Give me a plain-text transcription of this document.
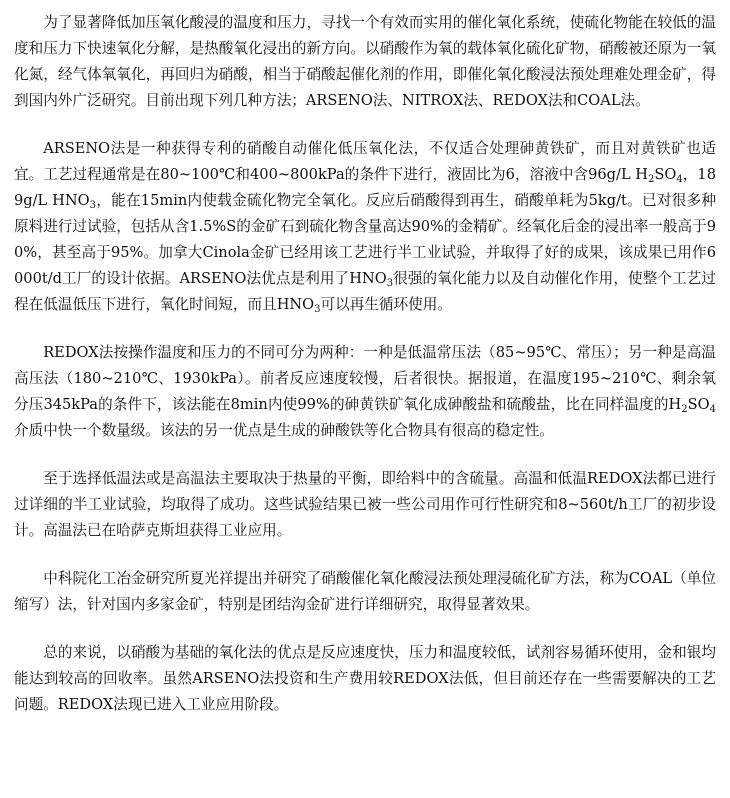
为了显著降低加压氧化酸浸的温度和压力，寻找一个有效而实用的催化氧化系统，使硫化物能在较低的温度和压力下快速氧化分解，是热酸氧化浸出的新方向。以硝酸作为氧的载体氧化硫化矿物，硝酸被还原为一氧化氮，经气体氧氧化，再回归为硝酸，相当于硝酸起催化剂的作用，即催化氧化酸浸法预处理难处理金矿，得到国内外广泛研究。目前出现下列几种方法；ARSENO法、NITROX法、REDOX法和COAL法。

ARSENO法是一种获得专利的硝酸自动催化低压氧化法，不仅适合处理砷黄铁矿，而且对黄铁矿也适宜。工艺过程通常是在80~100℃和400~800kPa的条件下进行，液固比为6，溶液中含96g/L $H_2SO_4$，189g/L $HNO_3$，能在15min内使载金硫化物完全氧化。反应后硝酸得到再生，硝酸单耗为5kg/t。已对很多种原料进行过试验，包括从含1.5%S的金矿石到硫化物含量高达90%的金精矿。经氧化后金的浸出率一般高于90%，甚至高于95%。加拿大Cinola金矿已经用该工艺进行半工业试验，并取得了好的成果，该成果已用作6000t/d工厂的设计依据。ARSENO法优点是利用了$HNO_3$很强的氧化能力以及自动催化作用，使整个工艺过程在低温低压下进行，氧化时间短，而且$HNO_3$可以再生循环使用。

REDOX法按操作温度和压力的不同可分为两种：一种是低温常压法（85~95℃、常压）；另一种是高温高压法（180~210℃、1930kPa）。前者反应速度较慢，后者很快。据报道，在温度195~210℃、剩余氧分压345kPa的条件下，该法能在8min内使99%的砷黄铁矿氧化成砷酸盐和硫酸盐，比在同样温度的$H_2SO_4$介质中快一个数量级。该法的另一优点是生成的砷酸铁等化合物具有很高的稳定性。

至于选择低温法或是高温法主要取决于热量的平衡，即给料中的含硫量。高温和低温REDOX法都已进行过详细的半工业试验，均取得了成功。这些试验结果已被一些公司用作可行性研究和8~560t/h工厂的初步设计。高温法已在哈萨克斯坦获得工业应用。

中科院化工冶金研究所夏光祥提出并研究了硝酸催化氧化酸浸法预处理浸硫化矿方法，称为COAL（单位缩写）法，针对国内多家金矿，特别是团结沟金矿进行详细研究，取得显著效果。

总的来说，以硝酸为基础的氧化法的优点是反应速度快，压力和温度较低，试剂容易循环使用，金和银均能达到较高的回收率。虽然ARSENO法投资和生产费用较REDOX法低，但目前还存在一些需要解决的工艺问题。REDOX法现已进入工业应用阶段。
